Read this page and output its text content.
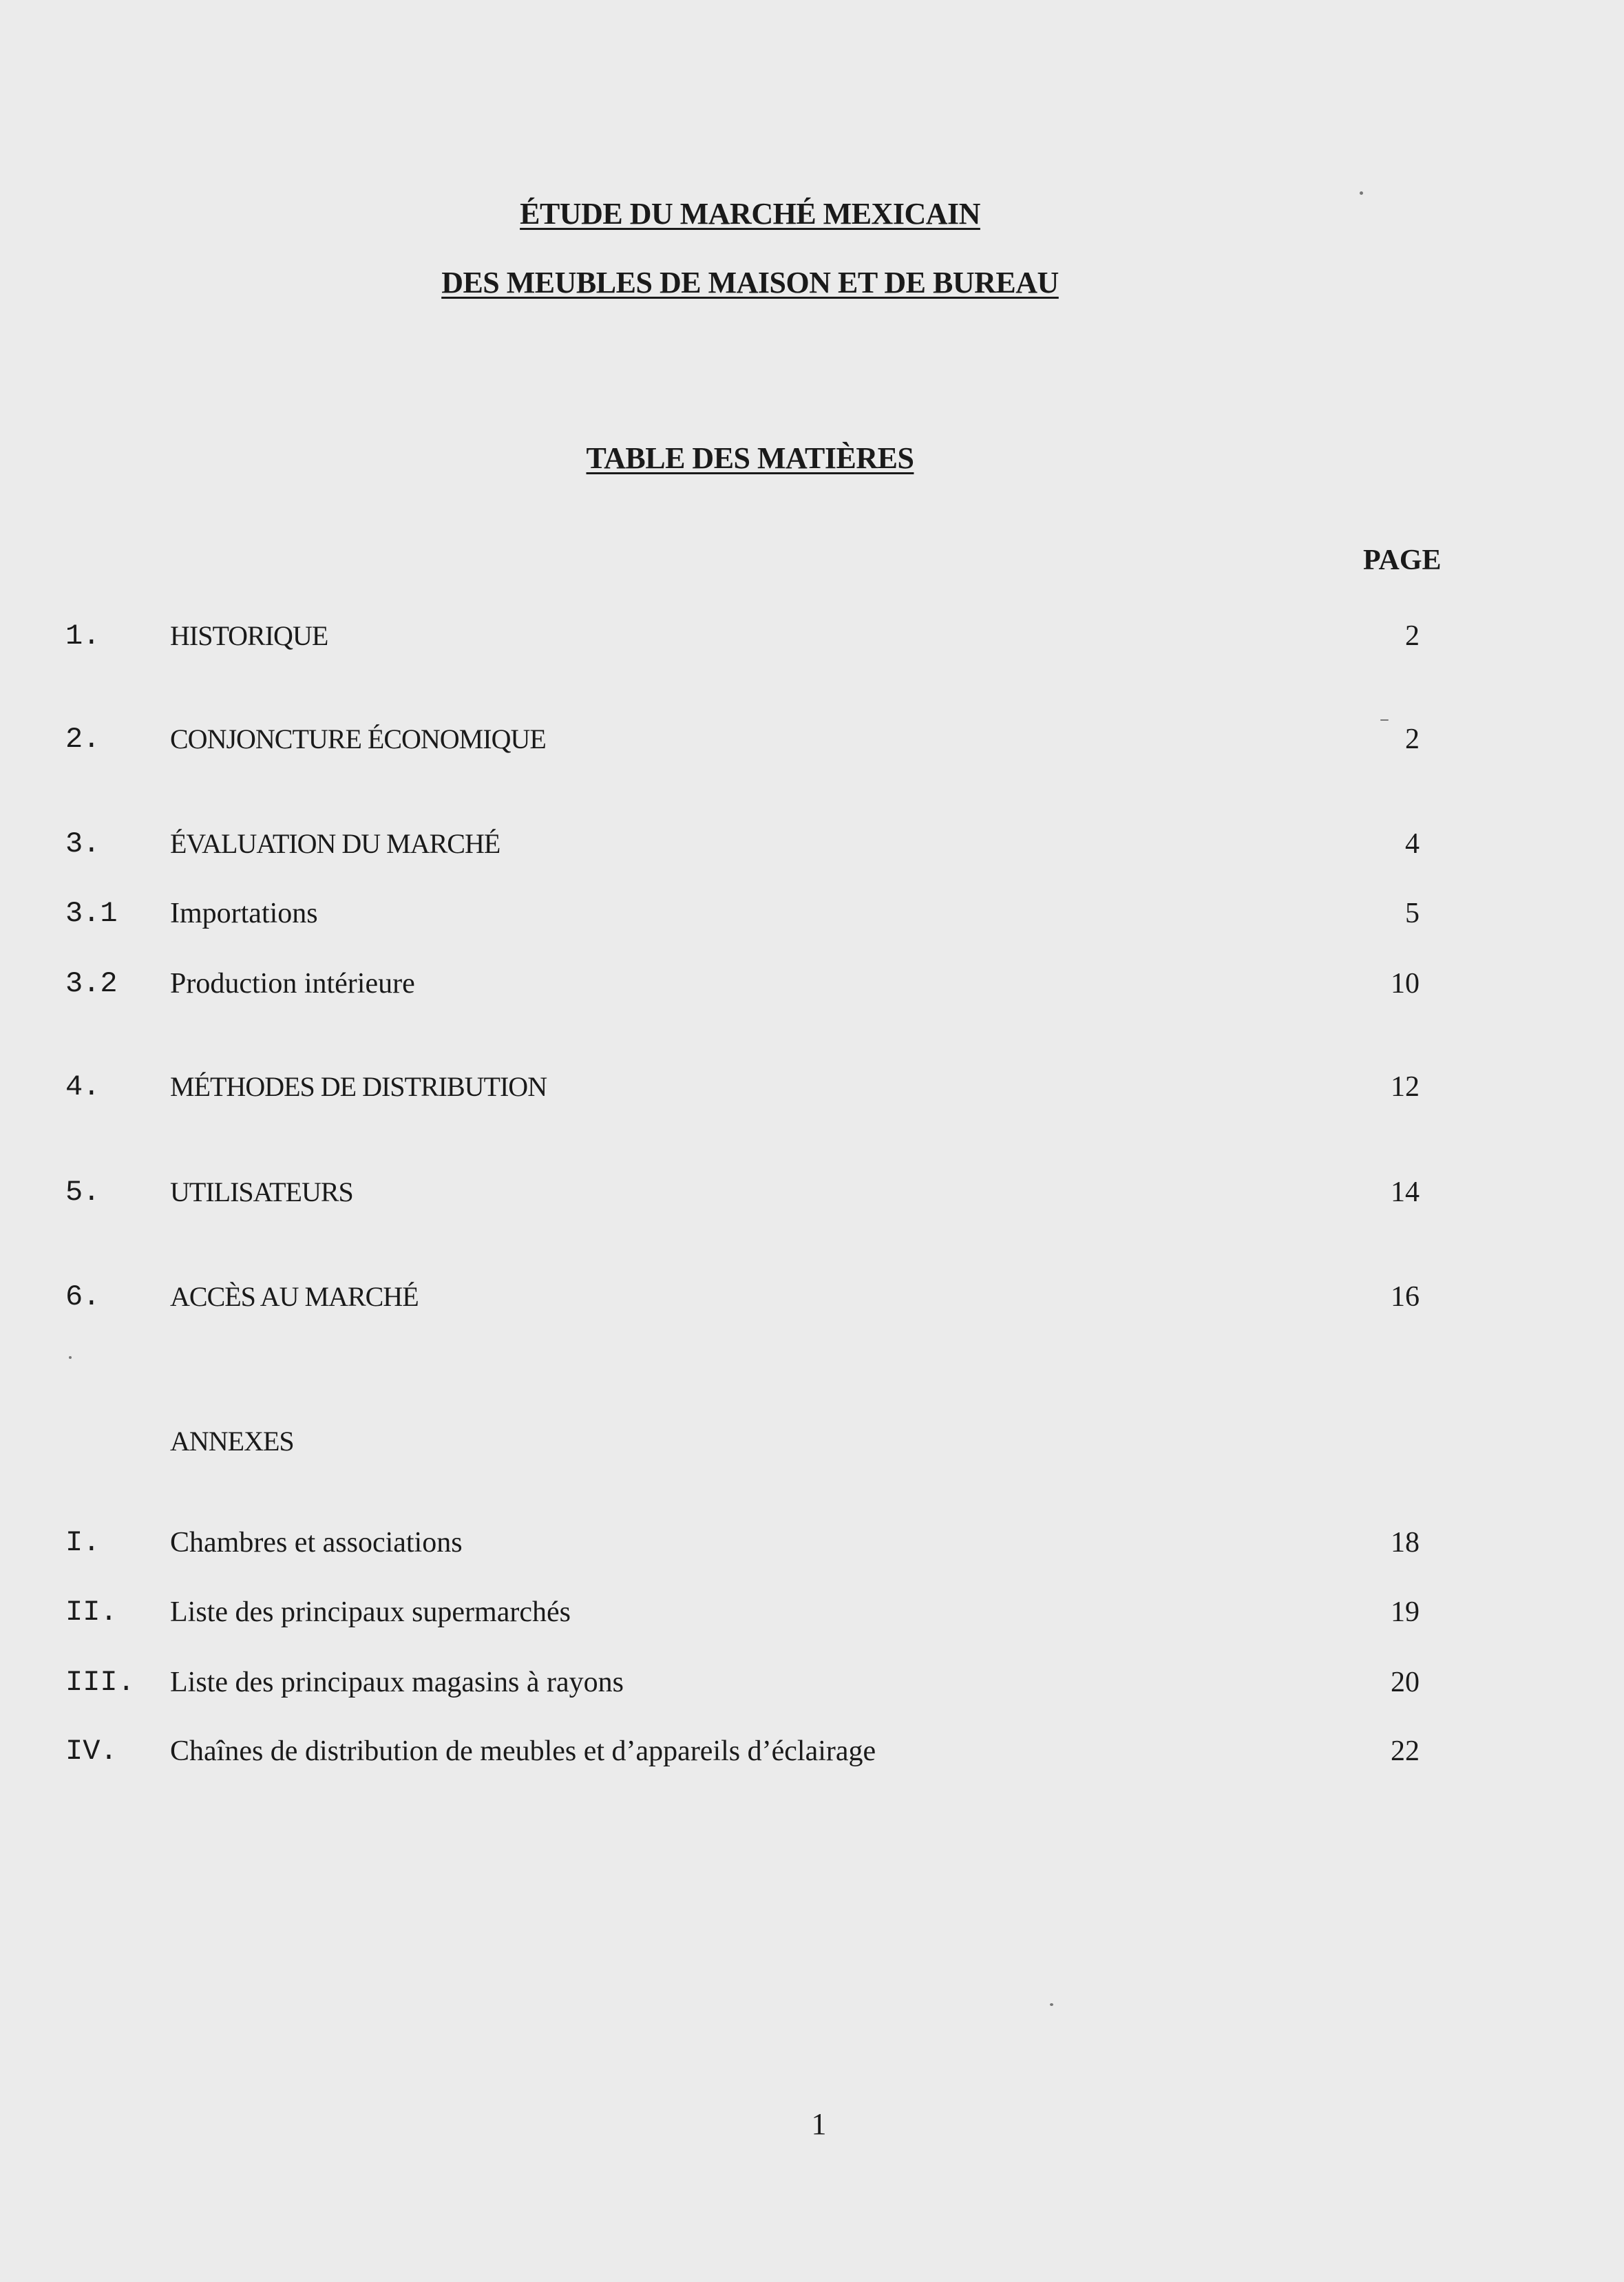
ÉTUDE DU MARCHÉ MEXICAIN
DES MEUBLES DE MAISON ET DE BUREAU
TABLE DES MATIÈRES
PAGE
1.	HISTORIQUE	2
2.	CONJONCTURE ÉCONOMIQUE	2
3.	ÉVALUATION DU MARCHÉ	4
3.1 Importations	5
3.2 Production intérieure	10
4.	MÉTHODES DE DISTRIBUTION	12
5.	UTILISATEURS	14
6.	ACCÈS AU MARCHÉ	16
ANNEXES
I. Chambres et associations	18
II. Liste des principaux supermarchés	19
III. Liste des principaux magasins à rayons	20
IV. Chaînes de distribution de meubles et d’appareils d’éclairage	22
1
